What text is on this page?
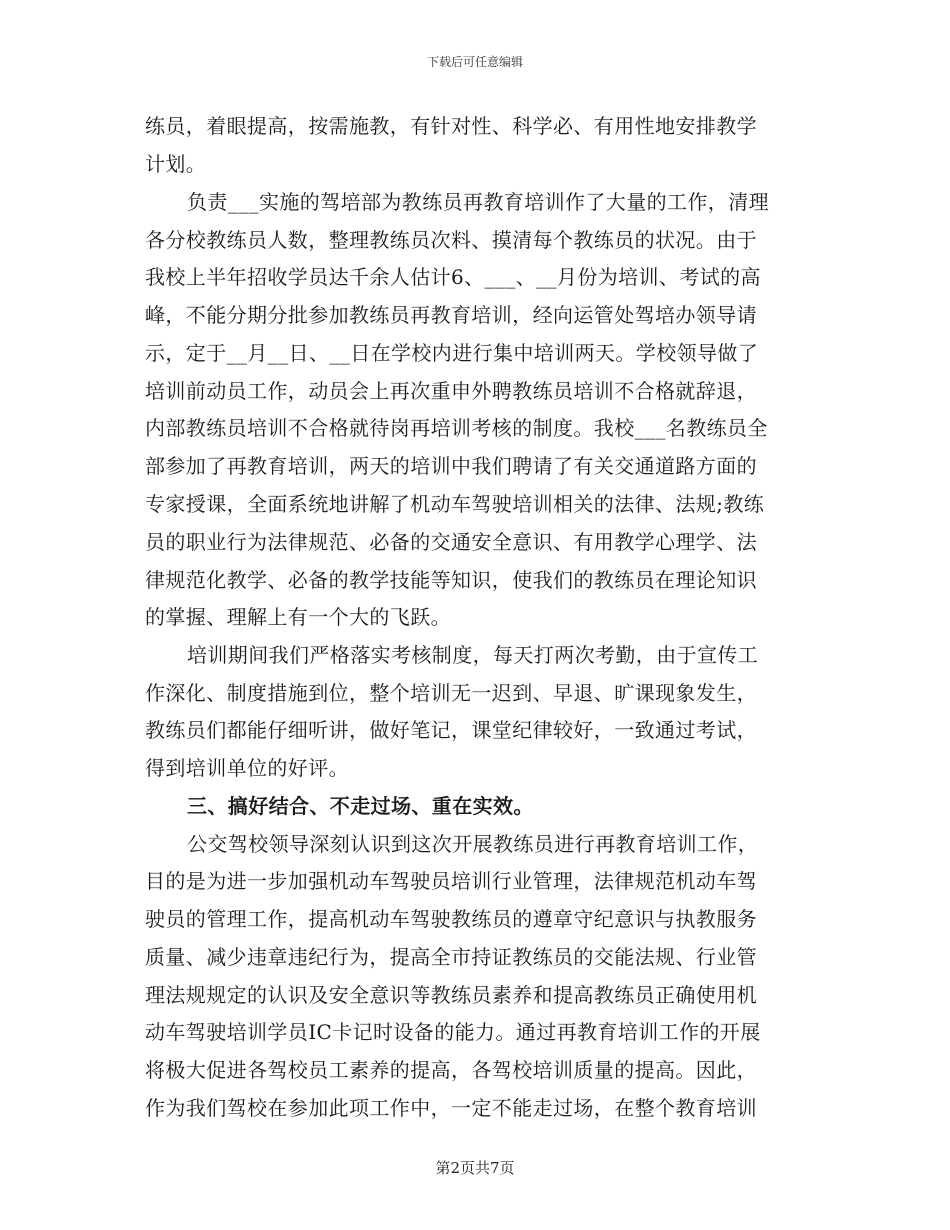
下载后可任意编辑
练员，着眼提高，按需施教，有针对性、科学必、有用性地安排教学
计划。
负责___实施的驾培部为教练员再教育培训作了大量的工作，清理
各分校教练员人数，整理教练员次料、摸清每个教练员的状况。由于
我校上半年招收学员达千余人估计6、___、__月份为培训、考试的高
峰，不能分期分批参加教练员再教育培训，经向运管处驾培办领导请
示，定于__月__日、__日在学校内进行集中培训两天。学校领导做了
培训前动员工作，动员会上再次重申外聘教练员培训不合格就辞退，
内部教练员培训不合格就待岗再培训考核的制度。我校___名教练员全
部参加了再教育培训，两天的培训中我们聘请了有关交通道路方面的
专家授课，全面系统地讲解了机动车驾驶培训相关的法律、法规;教练
员的职业行为法律规范、必备的交通安全意识、有用教学心理学、法
律规范化教学、必备的教学技能等知识，使我们的教练员在理论知识
的掌握、理解上有一个大的飞跃。
培训期间我们严格落实考核制度，每天打两次考勤，由于宣传工
作深化、制度措施到位，整个培训无一迟到、早退、旷课现象发生，
教练员们都能仔细听讲，做好笔记，课堂纪律较好，一致通过考试，
得到培训单位的好评。
三、搞好结合、不走过场、重在实效。
公交驾校领导深刻认识到这次开展教练员进行再教育培训工作，
目的是为进一步加强机动车驾驶员培训行业管理，法律规范机动车驾
驶员的管理工作，提高机动车驾驶教练员的遵章守纪意识与执教服务
质量、减少违章违纪行为，提高全市持证教练员的交能法规、行业管
理法规规定的认识及安全意识等教练员素养和提高教练员正确使用机
动车驾驶培训学员IC卡记时设备的能力。通过再教育培训工作的开展
将极大促进各驾校员工素养的提高，各驾校培训质量的提高。因此，
作为我们驾校在参加此项工作中，一定不能走过场，在整个教育培训
第2页共7页
